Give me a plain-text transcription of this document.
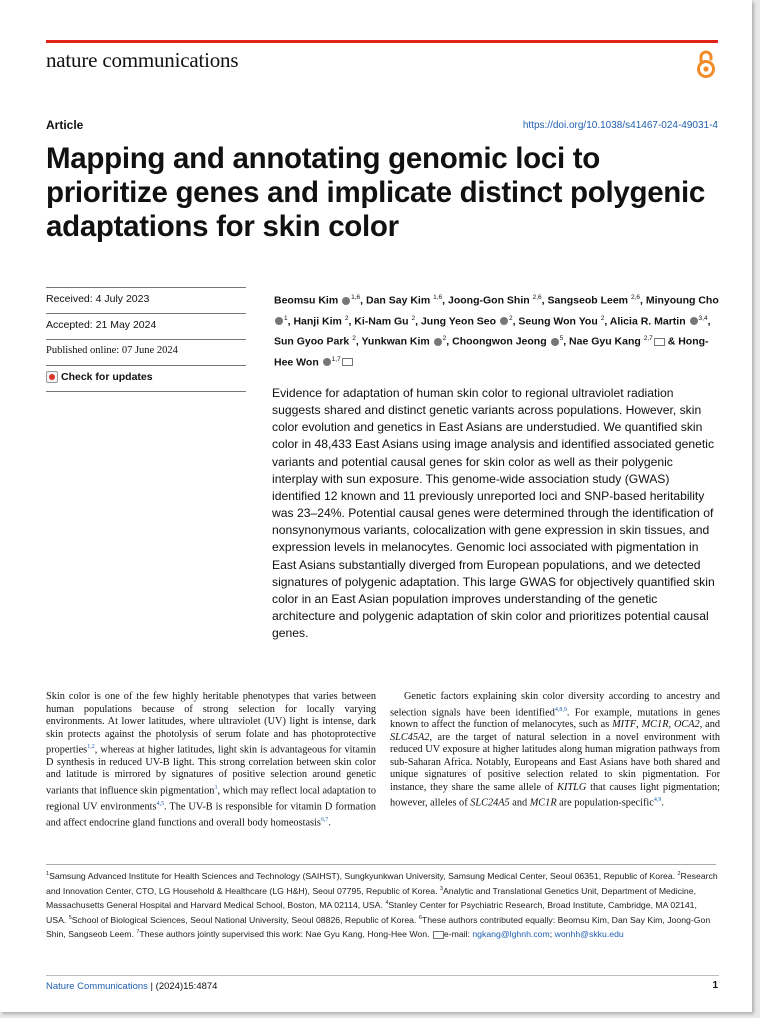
nature communications
Article	https://doi.org/10.1038/s41467-024-49031-4
Mapping and annotating genomic loci to prioritize genes and implicate distinct polygenic adaptations for skin color
Received: 4 July 2023
Accepted: 21 May 2024
Published online: 07 June 2024
Check for updates

Beomsu Kim $^{1,6}$, Dan Say Kim $^{1,6}$, Joong-Gon Shin $^{2,6}$, Sangseob Leem $^{2,6}$, Minyoung Cho $^1$, Hanji Kim $^2$, Ki-Nam Gu $^2$, Jung Yeon Seo $^2$, Seung Won You $^2$, Alicia R. Martin $^{3,4}$, Sun Gyoo Park $^2$, Yunkwan Kim $^2$, Choongwon Jeong $^5$, Nae Gyu Kang $^{2,7}$ & Hong-Hee Won $^{1,7}$

Evidence for adaptation of human skin color to regional ultraviolet radiation suggests shared and distinct genetic variants across populations. However, skin color evolution and genetics in East Asians are understudied. We quantified skin color in 48,433 East Asians using image analysis and identified associated genetic variants and potential causal genes for skin color as well as their polygenic interplay with sun exposure. This genome-wide association study (GWAS) identified 12 known and 11 previously unreported loci and SNP-based heritability was 23–24%. Potential causal genes were determined through the identification of nonsynonymous variants, colocalization with gene expression in skin tissues, and expression levels in melanocytes. Genomic loci associated with pigmentation in East Asians substantially diverged from European populations, and we detected signatures of polygenic adaptation. This large GWAS for objectively quantified skin color in an East Asian population improves understanding of the genetic architecture and polygenic adaptation of skin color and prioritizes potential causal genes.

Skin color is one of the few highly heritable phenotypes that varies between human populations because of strong selection for locally varying environments. At lower latitudes, where ultraviolet (UV) light is intense, dark skin protects against the photolysis of serum folate and has photoprotective properties$^{1,2}$, whereas at higher latitudes, light skin is advantageous for vitamin D synthesis in reduced UV-B light. This strong correlation between skin color and latitude is mirrored by signatures of positive selection around genetic variants that influence skin pigmentation$^3$, which may reflect local adaptation to regional UV environments$^{4,5}$. The UV-B is responsible for vitamin D formation and affect endocrine gland functions and overall body homeostasis$^{6,7}$.

Genetic factors explaining skin color diversity according to ancestry and selection signals have been identified$^{4,8,9}$. For example, mutations in genes known to affect the function of melanocytes, such as MITF, MC1R, OCA2, and SLC45A2, are the target of natural selection in a novel environment with reduced UV exposure at higher latitudes along human migration pathways from sub-Saharan Africa. Notably, Europeans and East Asians have both shared and unique signatures of positive selection related to skin pigmentation. For instance, they share the same allele of KITLG that causes light pigmentation; however, alleles of SLC24A5 and MC1R are population-specific$^{4,9}$.

$^1$Samsung Advanced Institute for Health Sciences and Technology (SAIHST), Sungkyunkwan University, Samsung Medical Center, Seoul 06351, Republic of Korea. $^2$Research and Innovation Center, CTO, LG Household & Healthcare (LG H&H), Seoul 07795, Republic of Korea. $^3$Analytic and Translational Genetics Unit, Department of Medicine, Massachusetts General Hospital and Harvard Medical School, Boston, MA 02114, USA. $^4$Stanley Center for Psychiatric Research, Broad Institute, Cambridge, MA 02141, USA. $^5$School of Biological Sciences, Seoul National University, Seoul 08826, Republic of Korea. $^6$These authors contributed equally: Beomsu Kim, Dan Say Kim, Joong-Gon Shin, Sangseob Leem. $^7$These authors jointly supervised this work: Nae Gyu Kang, Hong-Hee Won. e-mail: ngkang@lghnh.com; wonhh@skku.edu

Nature Communications | (2024)15:4874	1
